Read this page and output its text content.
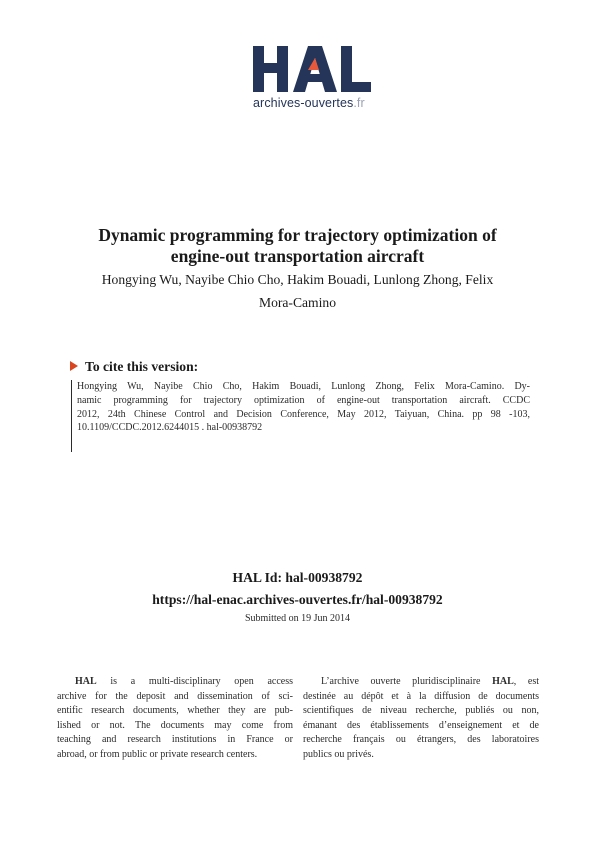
archives-ouvertes.fr
Dynamic programming for trajectory optimization of
engine-out transportation aircraft
Hongying Wu, Nayibe Chio Cho, Hakim Bouadi, Lunlong Zhong, Felix
Mora-Camino
To cite this version:
Hongying Wu, Nayibe Chio Cho, Hakim Bouadi, Lunlong Zhong, Felix Mora-Camino. Dy-
namic programming for trajectory optimization of engine-out transportation aircraft. CCDC
2012, 24th Chinese Control and Decision Conference, May 2012, Taiyuan, China. pp 98 -103,
10.1109/CCDC.2012.6244015 . hal-00938792
HAL Id: hal-00938792
https://hal-enac.archives-ouvertes.fr/hal-00938792
Submitted on 19 Jun 2014
HAL is a multi-disciplinary open access
archive for the deposit and dissemination of sci-
entific research documents, whether they are pub-
lished or not. The documents may come from
teaching and research institutions in France or
abroad, or from public or private research centers.
L’archive ouverte pluridisciplinaire HAL, est
destinée au dépôt et à la diffusion de documents
scientifiques de niveau recherche, publiés ou non,
émanant des établissements d’enseignement et de
recherche français ou étrangers, des laboratoires
publics ou privés.
